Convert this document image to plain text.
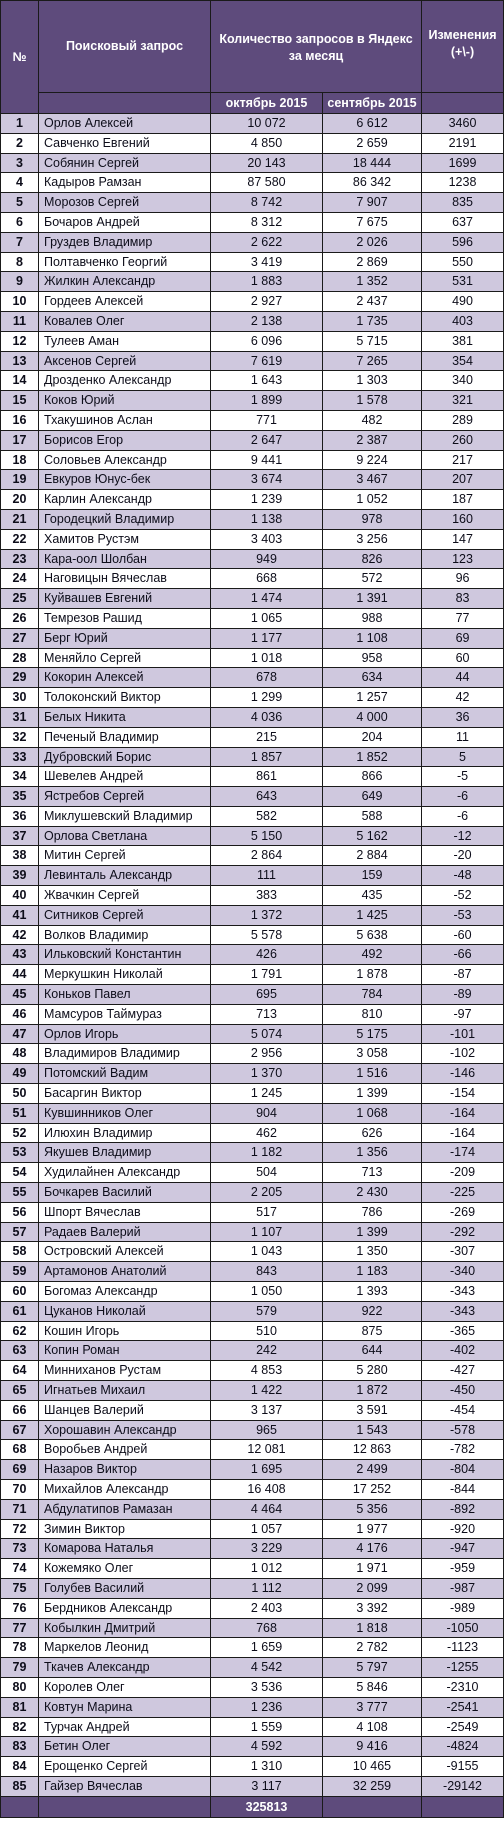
№	Поисковый запрос	Количество запросов в Яндекс за месяц		Изменения (+\-)
		октябрь 2015	сентябрь 2015	
1	Орлов Алексей	10 072	6 612	3460
2	Савченко Евгений	4 850	2 659	2191
3	Собянин Сергей	20 143	18 444	1699
4	Кадыров Рамзан	87 580	86 342	1238
5	Морозов Сергей	8 742	7 907	835
6	Бочаров Андрей	8 312	7 675	637
7	Груздев Владимир	2 622	2 026	596
8	Полтавченко Георгий	3 419	2 869	550
9	Жилкин Александр	1 883	1 352	531
10	Гордеев Алексей	2 927	2 437	490
11	Ковалев Олег	2 138	1 735	403
12	Тулеев Аман	6 096	5 715	381
13	Аксенов Сергей	7 619	7 265	354
14	Дрозденко Александр	1 643	1 303	340
15	Коков Юрий	1 899	1 578	321
16	Тхакушинов Аслан	771	482	289
17	Борисов Егор	2 647	2 387	260
18	Соловьев Александр	9 441	9 224	217
19	Евкуров Юнус-бек	3 674	3 467	207
20	Карлин Александр	1 239	1 052	187
21	Городецкий Владимир	1 138	978	160
22	Хамитов Рустэм	3 403	3 256	147
23	Кара-оол Шолбан	949	826	123
24	Наговицын Вячеслав	668	572	96
25	Куйвашев Евгений	1 474	1 391	83
26	Темрезов Рашид	1 065	988	77
27	Берг Юрий	1 177	1 108	69
28	Меняйло Сергей	1 018	958	60
29	Кокорин Алексей	678	634	44
30	Толоконский Виктор	1 299	1 257	42
31	Белых Никита	4 036	4 000	36
32	Печеный Владимир	215	204	11
33	Дубровский Борис	1 857	1 852	5
34	Шевелев Андрей	861	866	-5
35	Ястребов Сергей	643	649	-6
36	Миклушевский Владимир	582	588	-6
37	Орлова Светлана	5 150	5 162	-12
38	Митин Сергей	2 864	2 884	-20
39	Левинталь Александр	111	159	-48
40	Жвачкин Сергей	383	435	-52
41	Ситников Сергей	1 372	1 425	-53
42	Волков Владимир	5 578	5 638	-60
43	Ильковский Константин	426	492	-66
44	Меркушкин Николай	1 791	1 878	-87
45	Коньков Павел	695	784	-89
46	Мамсуров Таймураз	713	810	-97
47	Орлов Игорь	5 074	5 175	-101
48	Владимиров Владимир	2 956	3 058	-102
49	Потомский Вадим	1 370	1 516	-146
50	Басаргин Виктор	1 245	1 399	-154
51	Кувшинников Олег	904	1 068	-164
52	Илюхин Владимир	462	626	-164
53	Якушев Владимир	1 182	1 356	-174
54	Худилайнен Александр	504	713	-209
55	Бочкарев Василий	2 205	2 430	-225
56	Шпорт Вячеслав	517	786	-269
57	Радаев Валерий	1 107	1 399	-292
58	Островский Алексей	1 043	1 350	-307
59	Артамонов Анатолий	843	1 183	-340
60	Богомаз Александр	1 050	1 393	-343
61	Цуканов Николай	579	922	-343
62	Кошин Игорь	510	875	-365
63	Копин Роман	242	644	-402
64	Минниханов Рустам	4 853	5 280	-427
65	Игнатьев Михаил	1 422	1 872	-450
66	Шанцев Валерий	3 137	3 591	-454
67	Хорошавин Александр	965	1 543	-578
68	Воробьев Андрей	12 081	12 863	-782
69	Назаров Виктор	1 695	2 499	-804
70	Михайлов Александр	16 408	17 252	-844
71	Абдулатипов Рамазан	4 464	5 356	-892
72	Зимин Виктор	1 057	1 977	-920
73	Комарова Наталья	3 229	4 176	-947
74	Кожемяко Олег	1 012	1 971	-959
75	Голубев Василий	1 112	2 099	-987
76	Бердников Александр	2 403	3 392	-989
77	Кобылкин Дмитрий	768	1 818	-1050
78	Маркелов Леонид	1 659	2 782	-1123
79	Ткачев Александр	4 542	5 797	-1255
80	Королев Олег	3 536	5 846	-2310
81	Ковтун Марина	1 236	3 777	-2541
82	Турчак Андрей	1 559	4 108	-2549
83	Бетин Олег	4 592	9 416	-4824
84	Ерощенко Сергей	1 310	10 465	-9155
85	Гайзер Вячеслав	3 117	32 259	-29142
		325813		
